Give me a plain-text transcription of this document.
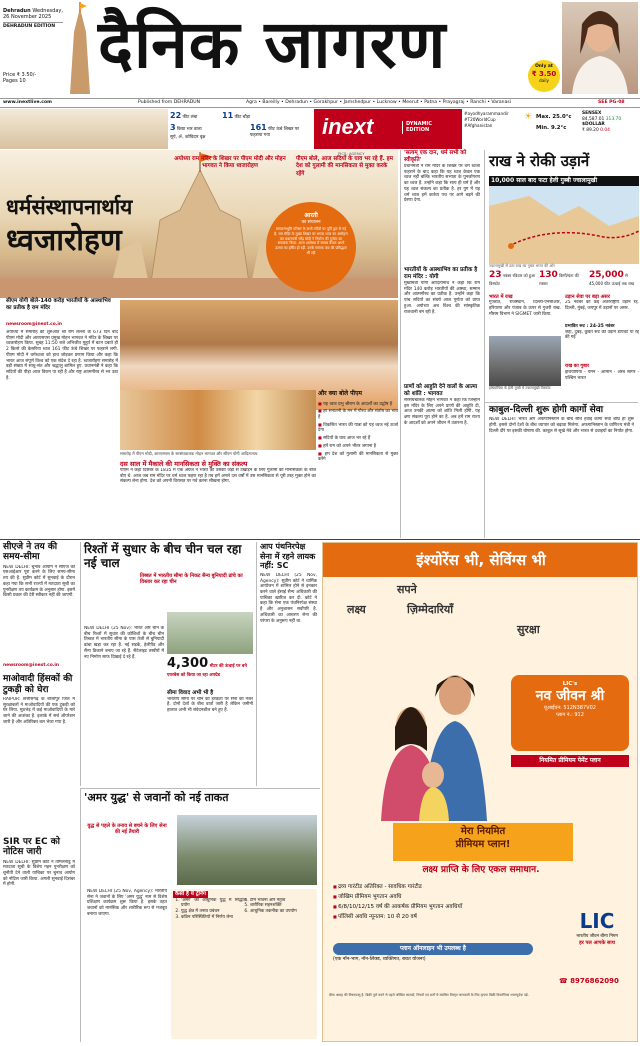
Dehradun Wednesday,
26 November 2025
DEHRADUN EDITION
Price ₹ 3.50/-
Pages 10	दैनिक जागरण	Only at
₹ 3.50
daily
www.inextlive.com	Published from DEHRADUN	Agra • Bareilly • Dehradun • Gorakhpur • Jamshedpur • Lucknow • Meerut • Patna • Prayagraj • Ranchi • Varanasi	SEE PG-08
22 फीट लंबा	11 फीट चौड़ा
3 किग्रा भार वाला
सूर्य, ॐ, कोविदार वृक्ष
161 फीट ऊंचे शिखर पर
फहराया गया	inext	DYNAMIC
EDITION
#ayodhyarammandir
#T20WorldCup
#Afghanistan
☀ Max. 25.0°c
Min. 9.2°c
SENSEX
84,587.01 313.70
$DOLLAR
₹ 89.20 0.04
धर्मसंस्थापनार्थाय
ध्वजारोहण
अयोध्या राम मंदिर के शिखर पर पीएम मोदी और मोहन भागवत ने किया ध्वजारोहण
पीएम बोले, आज सदियों के घाव भर रहे हैं. हम देश को गुलामी की मानसिकता से मुक्त करके रहेंगे
PICS: AGENCY
आरती
का संचालन
रामजन्मभूमि परिसर के सभी मंदिरों पर पूर्ति द्वार से गई है. राम मंदिर के मुख्य शिखर पर भगवा ध्वज का आरोहण कर प्रधानमंत्री नरेंद्र मोदी ने निर्माण की पूर्णता का सफलता किया. आज अयोध्या में सम्पन्न केवल अपने उत्सव का हर्षित हो रही. उनके मस्तक जय की प्रसिद्धता भी रही
सीएम योगी बोले-140 करोड़ भारतीयों के आस्थाभिव का प्रतीक है राम मंदिर
newsroom@inext.co.in
अयोध्या में समारोह की शुरुआत श्री राम लल्ला के 673 दिन बाद पीएम मोदी और आरएसएस प्रमुख मोहन भागवत ने मंदिर के शिखर पर ध्वजारोहण किया. सुबह 11:50 बजे अभिजीत मुहूर्त में बटन दबाते ही 2 किलो की केसरिया ध्वज 161 फीट ऊंचे शिखर पर फहराने लगी. पीएम मोदी ने धर्मध्वजा को हाथ जोड़कर प्रणाम किया और कहा कि भारत आज संपूर्ण विश्व को एक संदेश दे रहा है. ध्वजारोहण समारोह में बड़ी संख्या में साधु-संत और श्रद्धालु शामिल हुए. प्रधानमंत्री ने कहा कि सदियों की पीड़ा आज विराम पा रही है और राष्ट्र आत्मगौरव से भर उठा है.
समारोह में पीएम मोदी, आरएसएस के सरसंघचालक मोहन भागवत और सीएम योगी आदित्यनाथ
दस साल में मैकाले की मानसिकता से मुक्ति का संकल्प
पीएम ने कहा दिसंबर के 1835 में एक अंग्रेज ने भारत को उसकी जड़ों से उखाड़ने के लिए गुलामी की मानसिकता के बीज बोए थे. आज जब राम मंदिर पर धर्म ध्वज फहरा रहा है तब हमें अगले दस वर्षों में उस मानसिकता से पूरी तरह मुक्त होने का संकल्प लेना होगा. देश को अपनी विरासत पर गर्व करना सीखना होगा.
और क्या बोले पीएम
■ यह ध्वज प्रभु श्रीराम के आदर्शों का उद्घोष है
■ हर सनातनी के मन में गौरव और संतोष का भाव है
■ विकसित भारत की यात्रा को यह ध्वज नई ऊर्जा देगा
■ सदियों के घाव आज भर रहे हैं
■ हमें राम को अपने भीतर जगाना है
■ हम देश को गुलामी की मानसिकता से मुक्त करेंगे
'सत्यम् एक दान, धर्म सभी को स्वीकृति'
प्रधानमंत्री ने राम मंदिर के शिखर पर धर्म ध्वजा फहराने के बाद कहा कि यह ध्वज केवल एक ध्वज नहीं बल्कि भारतीय सभ्यता के पुनर्जागरण का ध्वज है. उन्होंने कहा कि सत्य ही धर्म है और यह ध्वज संकल्प का प्रतीक है. हर युग में यह धर्म ध्वज हमें कर्तव्य पथ पर आगे बढ़ने की प्रेरणा देगा.
भारतीयों के आस्थाभिव का प्रतीक है राम मंदिर : योगी
मुख्यमंत्री योगी आदित्यनाथ ने कहा कि राम मंदिर 140 करोड़ भारतीयों की आस्था, सम्मान और आत्मगौरव का प्रतीक है. उन्होंने कहा कि पांच सदियों का संघर्ष आज पूर्णता को प्राप्त हुआ. अयोध्या अब विश्व की सांस्कृतिक राजधानी बन रही है.
प्राणों को आहुति देने वालों के आत्मा को शांति : भागवत
सरसंघचालक मोहन भागवत ने कहा कि जिन्होंने इस मंदिर के लिए अपने प्राणों की आहुति दी, आज उनकी आत्मा को शांति मिली होगी. यह क्षण संकल्प पूरा होने का है. अब हमें राम राज्य के आदर्शों को अपने जीवन में उतारना है.
राख ने रोकी उड़ानें
10,000 साल बाद फटा हेली गुब्बी ज्वालामुखी
ज्वालामुखी से उठा राख का गुबार भारत की ओर
23 नवंबर रविवार को हुआ विस्फोट
130 किमी/घंटा की रफ्तार
25,000 से 45,000 फीट ऊंचाई तक राख
भारत में राख
गुजरात, राजस्थान, दिल्ली-एनसीआर, हरियाणा और पंजाब के ऊपर से गुजरी राख. मौसम विभाग ने SIGMET जारी किया.
उड़ान सेवा पर बड़ा असर
25 नवंबर को कई अंतरराष्ट्रीय उड़ानें रद्द. दिल्ली, मुंबई, जयपुर में उड़ानों पर असर.
प्रभावित रूट : 24-25 नवंबर
जेद्दा, दुबई, कुवैत रूट की उड़ानें डायवर्ट या रद्द की गईं
इथियोपिया के हेली गुब्बी में ज्वालामुखी विस्फोट
राख का गुबार
इथियोपिया - यमन - ओमान - अरब सागर - पश्चिम भारत
काबुल-दिल्ली शुरू होगी कार्गो सेवा
NEW DELHI: भारत और अफगानिस्तान के बीच सीधे हवाई कार्गो सेवा शीघ्र ही शुरू होगी. इससे दोनों देशों के बीच व्यापार को बढ़ावा मिलेगा. अफगानिस्तान के वाणिज्य मंत्री ने दिल्ली दौरे पर इसकी घोषणा की. काबुल से सूखे मेवे और भारत से दवाइयों का निर्यात होगा.
सीएजे ने तय की समय-सीमा
NEW DELHI: चुनाव आयोग ने सीएजे को एसआईआर पूरा करने के लिए समय-सीमा तय की है. सुप्रीम कोर्ट में सुनवाई के दौरान कहा गया कि सभी राज्यों में मतदाता सूची का पुनरीक्षण तय कार्यक्रम के अनुसार होगा. इसमें किसी प्रकार की देरी स्वीकार नहीं की जाएगी.
newsroom@inext.co.in
माओवादी हिंसकों की टुकड़ी को घेरा
RAIPUR: छत्तीसगढ़ के बीजापुर जिले में सुरक्षाबलों ने माओवादियों की एक टुकड़ी को घेर लिया. मुठभेड़ में कई माओवादियों के मारे जाने की आशंका है. इलाके में सर्च ऑपरेशन जारी है और अतिरिक्त बल भेजा गया है.
SIR पर EC को नोटिस जारी
NEW DELHI: सुप्रीम कोर्ट ने तमिलनाडु में मतदाता सूची के विशेष गहन पुनरीक्षण को चुनौती देने वाली याचिका पर चुनाव आयोग को नोटिस जारी किया. अगली सुनवाई दिसंबर में होगी.
रिश्तों में सुधार के बीच चीन चल रहा नई चाल
तिब्बत में भारतीय सीमा के निकट सैन्य बुनियादी ढांचे का विस्तार कर रहा चीन
NEW DELHI (25 Nov): भारत और चीन के बीच रिश्तों में सुधार की कोशिशों के बीच चीन तिब्बत में भारतीय सीमा के पास तेजी से बुनियादी ढांचा खड़ा कर रहा है. नई सड़कें, हेलीपैड और सैन्य ठिकाने बनाए जा रहे हैं. सैटेलाइट तस्वीरों में नए निर्माण साफ दिखाई दे रहे हैं.	4,300 मीटर की ऊंचाई पर बने एयरबेस को किया जा रहा अपग्रेड
सीमा विवाद अभी भी है
भारतीय सीमा पर चीन की हरकतों पर सेना की नजर है. दोनों देशों के बीच वार्ता जारी है लेकिन जमीनी हालात अभी भी संवेदनशील बने हुए हैं.
आप पंथनिरपेक्ष सेना में रहने लायक नहीं: SC
NEW DELHI (25 Nov, Agency): सुप्रीम कोर्ट ने धार्मिक आयोजन में शामिल होने से इनकार करने वाले ईसाई सैन्य अधिकारी की याचिका खारिज कर दी. कोर्ट ने कहा कि सेना एक पंथनिरपेक्ष संस्था है और अनुशासन सर्वोपरि है. अधिकारी का आचरण सेना की परंपरा के अनुरूप नहीं था.
'अमर युद्ध' से जवानों को नई ताकत
युद्ध से पहले के तनाव से बचने के लिए सेना की नई तैयारी
NEW DELHI (25 Nov, Agency): भारतीय सेना ने जवानों के लिए 'अमर युद्ध' नाम से विशेष प्रशिक्षण कार्यक्रम शुरू किया है. इसके तहत जवानों को मानसिक और शारीरिक रूप से मजबूत बनाया जाएगा.
कैसी है ये ट्रेनिंग
1. 'अमर' का आधुनिक युद्ध में सिद्धांत प्रयोग
2. युद्ध क्षेत्र में तनाव प्रबंधन
3. कठिन परिस्थितियों में निर्णय लेना
4. टीम भावना और नेतृत्व
5. शारीरिक सहनशक्ति
6. आधुनिक तकनीक का उपयोग
इंश्योरेंस भी, सेविंग्स भी
सपने
लक्ष्य	ज़िम्मेदारियाँ
सुरक्षा
LIC's
नव जीवन श्री
यूआईएन: 512N387V02
प्लान नं.: 912
नियमित प्रीमियम पेमेंट प्लान
मेरा नियमित
प्रीमियम प्लान!
लक्ष्य प्राप्ति के लिए एकल समाधान.
■ द्रव्य गारंटीड अतिरिक्त - सावधिक गारंटीड
■ जोखिम प्रीमियम भुगतान अवधि
■ 6/8/10/12/15 वर्ष की आकर्षक प्रीमियम भुगतान अवधियाँ
■ पॉलिसी अवधि न्यूनतम: 10 से 20 वर्ष
प्लान ऑनलाइन भी उपलब्ध है
(एक नॉन-भाग, नॉन-लिंक्ड, व्यक्तिगत, बचत योजना)
LIC
भारतीय जीवन बीमा निगम
हर पल आपके साथ
☎ 8976862090
बीमा आग्रह की विषयवस्तु है. बिक्री पूर्ण करने से पहले जोखिम कारकों, नियमों एवं शर्तों से संबंधित विस्तृत जानकारी के लिए कृपया बिक्री विवरणिका ध्यानपूर्वक पढ़ें.
